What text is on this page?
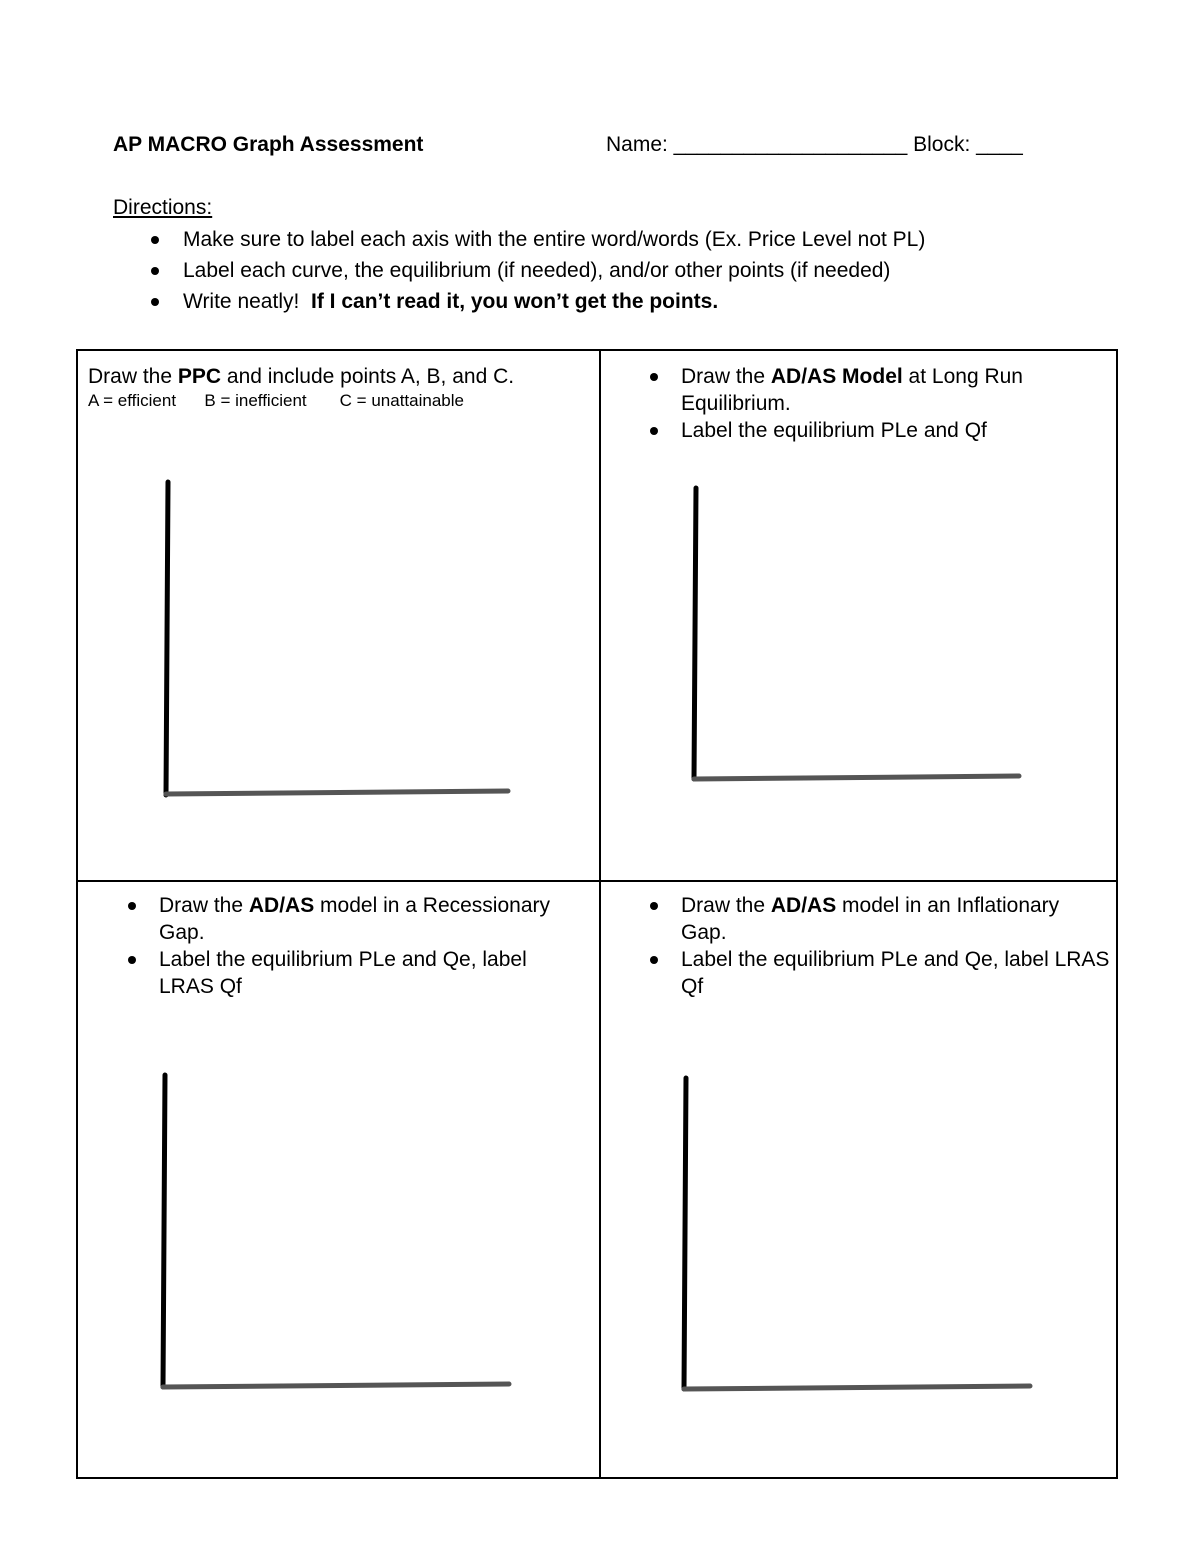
AP MACRO Graph Assessment	Name: ____________________ Block: ____
Directions:
Make sure to label each axis with the entire word/words (Ex. Price Level not PL)
Label each curve, the equilibrium (if needed), and/or other points (if needed)
Write neatly!  If I can’t read it, you won’t get the points.
Draw the PPC and include points A, B, and C.
A = efficient      B = inefficient       C = unattainable
Draw the AD/AS Model at Long Run Equilibrium.
Label the equilibrium PLe and Qf
Draw the AD/AS model in a Recessionary Gap.
Label the equilibrium PLe and Qe, label LRAS Qf
Draw the AD/AS model in an Inflationary Gap.
Label the equilibrium PLe and Qe, label LRAS Qf
